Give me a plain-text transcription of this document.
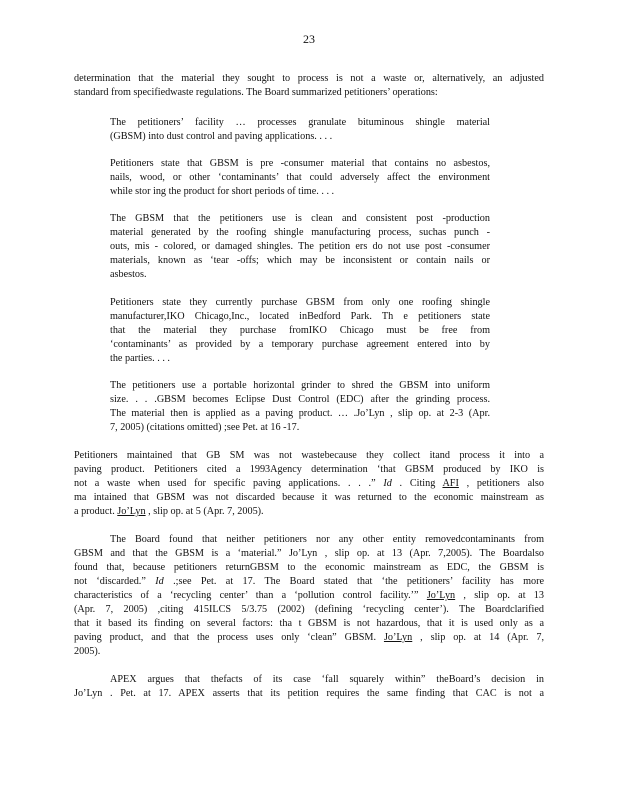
23
determination that the material they sought to process is not a waste or, alternatively, an adjusted
standard from specifiedwaste regulations. The Board summarized petitioners’ operations:
The petitioners’ facility … processes granulate bituminous shingle material
(GBSM) into dust control and paving applications. . . .
Petitioners state that GBSM is pre -consumer material that contains no asbestos,
nails, wood, or other ‘contaminants’ that could adversely affect the environment
while stor ing the product for short periods of time. . . .
The GBSM that the petitioners use is clean and consistent post -production
material generated by the roofing shingle manufacturing process, suchas punch -
outs, mis - colored, or damaged shingles. The petition ers do not use post -consumer
materials, known as ‘tear -offs; which may be inconsistent or contain nails or
asbestos.
Petitioners state they currently purchase GBSM from only one roofing shingle
manufacturer,IKO Chicago,Inc., located inBedford Park. Th e petitioners state
that the material they purchase fromIKO Chicago must be free from
‘contaminants’ as provided by a temporary purchase agreement entered into by
the parties. . . .
The petitioners use a portable horizontal grinder to shred the GBSM into uniform
size. . . .GBSM becomes Eclipse Dust Control (EDC) after the grinding process.
The material then is applied as a paving product. … .Jo’Lyn , slip op. at 2-3 (Apr.
7, 2005) (citations omitted) ;see Pet. at 16 -17.
Petitioners maintained that GB SM was not wastebecause they collect itand process it into a
paving product. Petitioners cited a 1993Agency determination ‘that GBSM produced by IKO is
not a waste when used for specific paving applications. . . .” Id . Citing AFI , petitioners also
ma intained that GBSM was not discarded because it was returned to the economic mainstream as
a product. Jo’Lyn , slip op. at 5 (Apr. 7, 2005).
The Board found that neither petitioners nor any other entity removedcontaminants from
GBSM and that the GBSM is a ‘material.” Jo’Lyn , slip op. at 13 (Apr. 7,2005). The Boardalso
found that, because petitioners returnGBSM to the economic mainstream as EDC, the GBSM is
not ‘discarded.” Id .;see Pet. at 17. The Board stated that ‘the petitioners’ facility has more
characteristics of a ‘recycling center’ than a ‘pollution control facility.’” Jo’Lyn , slip op. at 13
(Apr. 7, 2005) ,citing 415ILCS 5/3.75 (2002) (defining ‘recycling center’). The Boardclarified
that it based its finding on several factors: tha t GBSM is not hazardous, that it is used only as a
paving product, and that the process uses only ‘clean” GBSM. Jo’Lyn , slip op. at 14 (Apr. 7,
2005).
APEX argues that thefacts of its case ‘fall squarely within” theBoard’s decision in
Jo’Lyn . Pet. at 17. APEX asserts that its petition requires the same finding that CAC is not a
